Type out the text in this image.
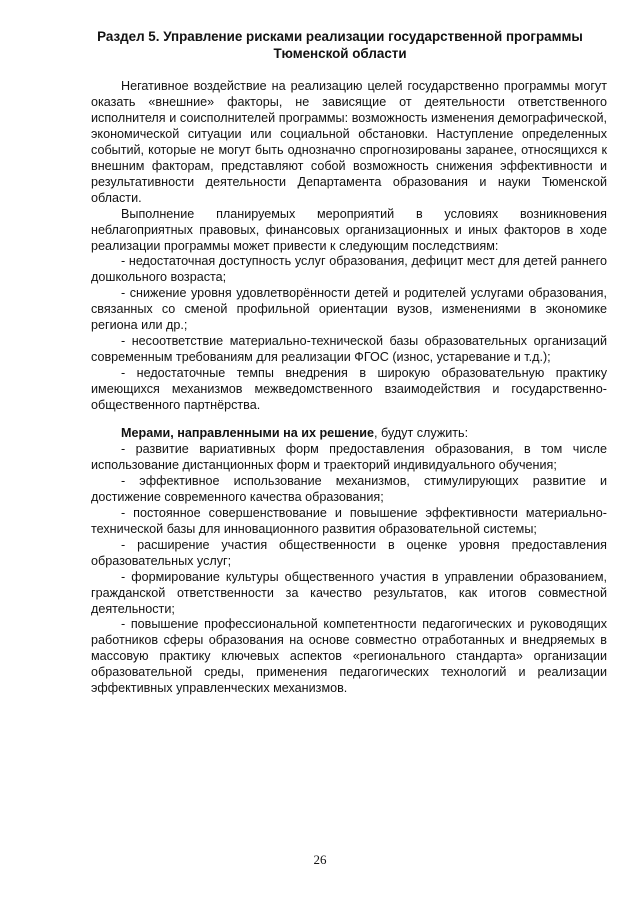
Раздел 5. Управление рисками реализации государственной программы
Тюменской области

Негативное воздействие на реализацию целей государственно программы могут оказать «внешние» факторы, не зависящие от деятельности ответственного исполнителя и соисполнителей программы: возможность изменения демографической, экономической ситуации или социальной обстановки. Наступление определенных событий, которые не могут быть однозначно спрогнозированы заранее, относящихся к внешним факторам, представляют собой возможность снижения эффективности и результативности деятельности Департамента образования и науки Тюменской области.

Выполнение планируемых мероприятий в условиях возникновения неблагоприятных правовых, финансовых организационных и иных факторов в ходе реализации программы может привести к следующим последствиям:

- недостаточная доступность услуг образования, дефицит мест для детей раннего дошкольного возраста;

- снижение уровня удовлетворённости детей и родителей услугами образования, связанных со сменой профильной ориентации вузов, изменениями в экономике региона или др.;

- несоответствие материально-технической базы образовательных организаций современным требованиям для реализации ФГОС (износ, устаревание и т.д.);

- недостаточные темпы внедрения в широкую образовательную практику имеющихся механизмов межведомственного взаимодействия и государственно-общественного партнёрства.

Мерами, направленными на их решение, будут служить:

- развитие вариативных форм предоставления образования, в том числе использование дистанционных форм и траекторий индивидуального обучения;

- эффективное использование механизмов, стимулирующих развитие и достижение современного качества образования;

- постоянное совершенствование и повышение эффективности материально-технической базы для инновационного развития образовательной системы;

- расширение участия общественности в оценке уровня предоставления образовательных услуг;

- формирование культуры общественного участия в управлении образованием, гражданской ответственности за качество результатов, как итогов совместной деятельности;

- повышение профессиональной компетентности педагогических и руководящих работников сферы образования на основе совместно отработанных и внедряемых в массовую практику ключевых аспектов «регионального стандарта» организации образовательной среды, применения педагогических технологий и реализации эффективных управленческих механизмов.

26
